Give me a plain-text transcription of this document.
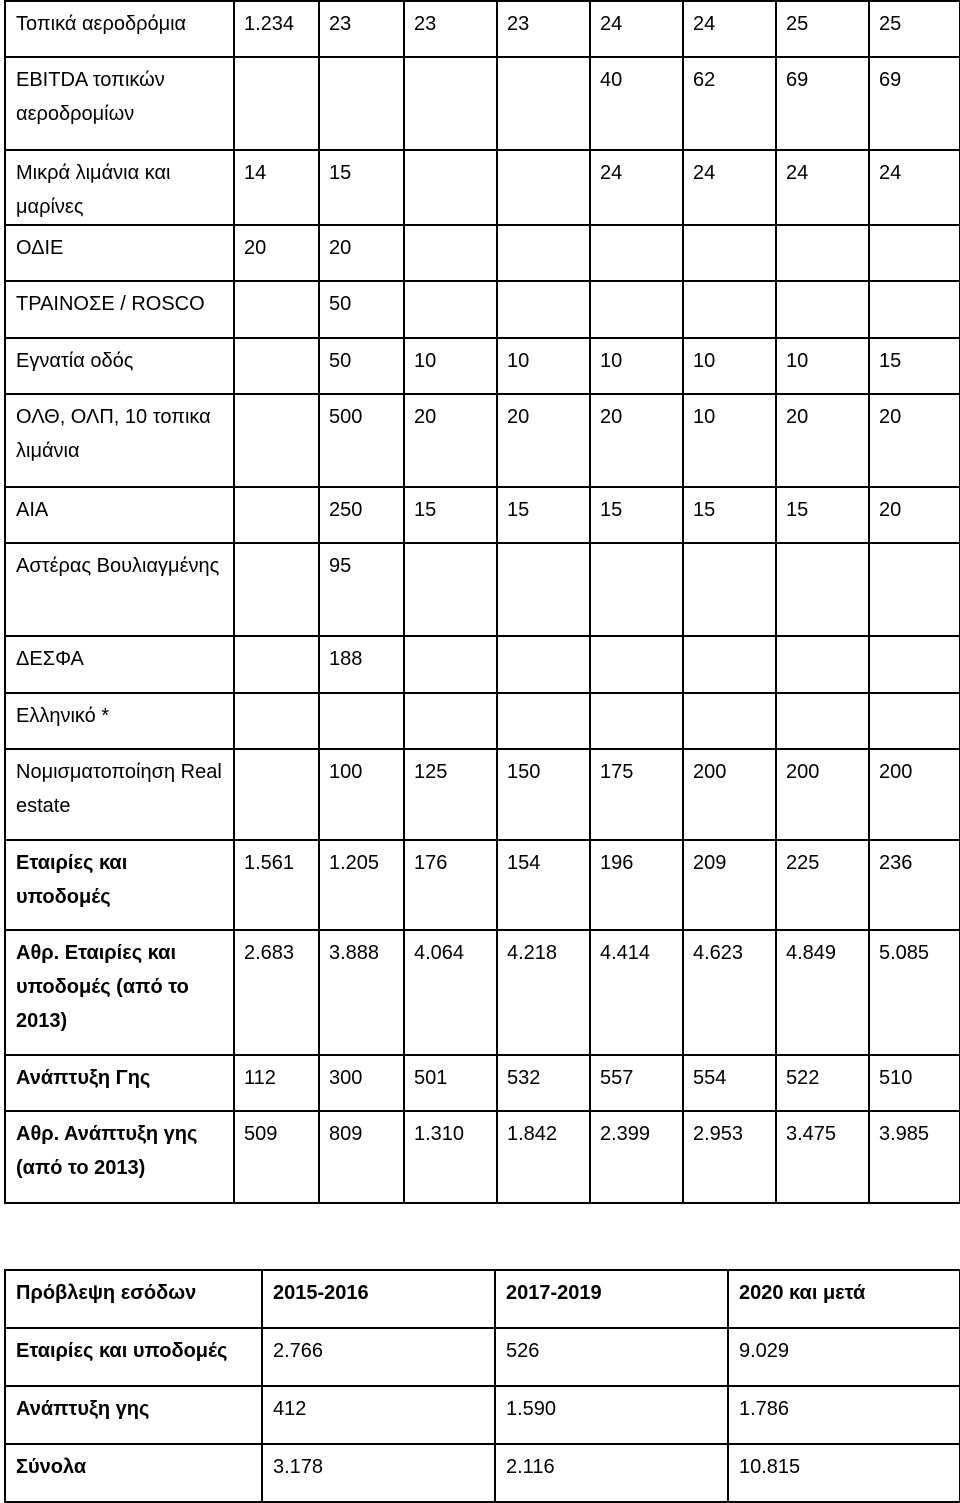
Τοπικά αεροδρόμια	1.234	23	23	23	24	24	25	25
EBITDA τοπικών αεροδρομίων					40	62	69	69
Μικρά λιμάνια και μαρίνες	14	15			24	24	24	24
ΟΔΙΕ	20	20						
ΤΡΑΙΝΟΣΕ / ROSCO		50						
Εγνατία οδός		50	10	10	10	10	10	15
ΟΛΘ, ΟΛΠ, 10 τοπικα λιμάνια		500	20	20	20	10	20	20
ΑΙΑ		250	15	15	15	15	15	20
Αστέρας Βουλιαγμένης		95						
ΔΕΣΦΑ		188						
Ελληνικό *								
Νομισματοποίηση Real estate		100	125	150	175	200	200	200
Εταιρίες και υποδομές	1.561	1.205	176	154	196	209	225	236
Αθρ. Εταιρίες και υποδομές (από το 2013)	2.683	3.888	4.064	4.218	4.414	4.623	4.849	5.085
Ανάπτυξη Γης	112	300	501	532	557	554	522	510
Αθρ. Ανάπτυξη γης (από το 2013)	509	809	1.310	1.842	2.399	2.953	3.475	3.985
Πρόβλεψη εσόδων	2015-2016	2017-2019	2020 και μετά
Εταιρίες και υποδομές	2.766	526	9.029
Ανάπτυξη γης	412	1.590	1.786
Σύνολα	3.178	2.116	10.815
